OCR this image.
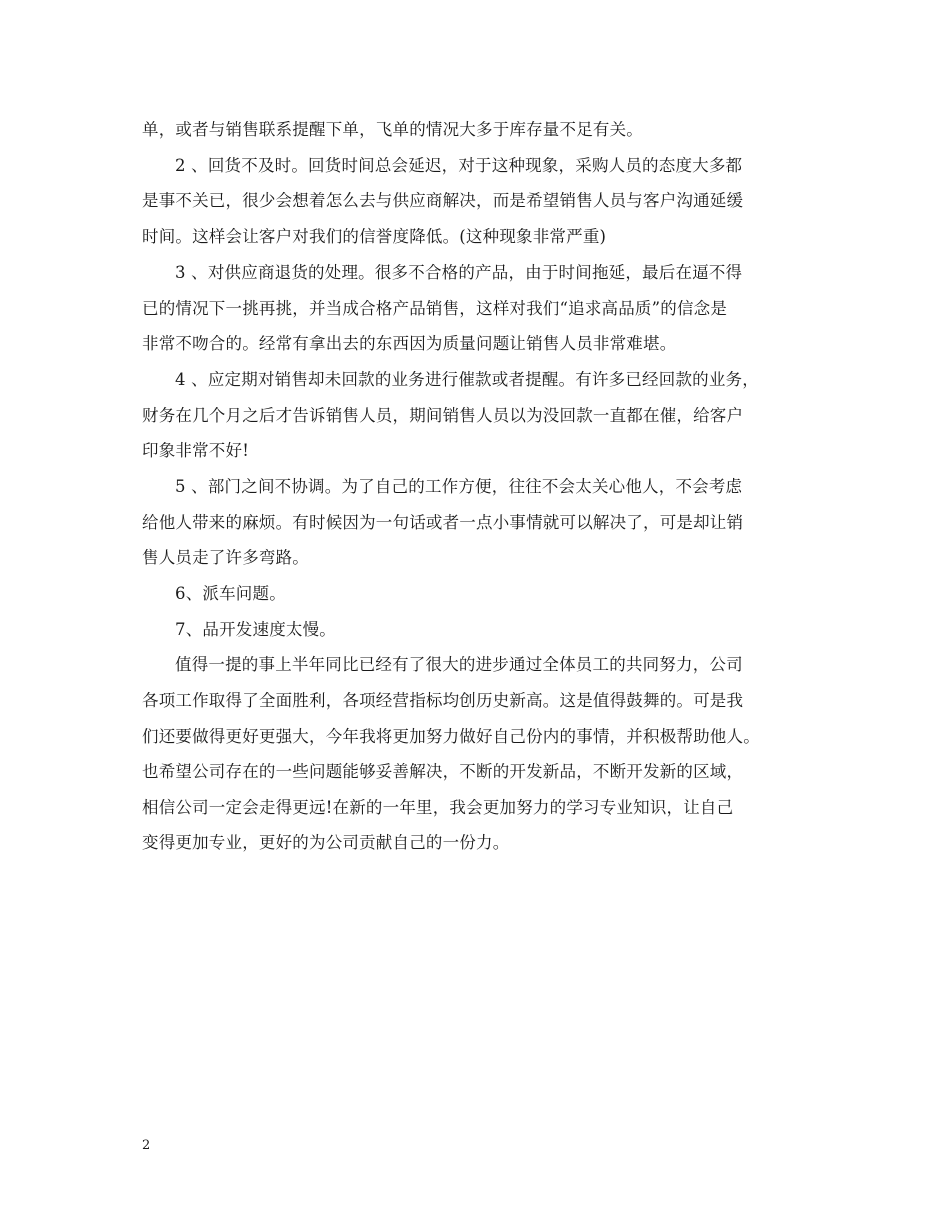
单，或者与销售联系提醒下单，飞单的情况大多于库存量不足有关。
2 、回货不及时。回货时间总会延迟，对于这种现象，采购人员的态度大多都
是事不关已，很少会想着怎么去与供应商解决，而是希望销售人员与客户沟通延缓
时间。这样会让客户对我们的信誉度降低。(这种现象非常严重)
3 、对供应商退货的处理。很多不合格的产品，由于时间拖延，最后在逼不得
已的情况下一挑再挑，并当成合格产品销售，这样对我们“追求高品质”的信念是
非常不吻合的。经常有拿出去的东西因为质量问题让销售人员非常难堪。
4 、应定期对销售却未回款的业务进行催款或者提醒。有许多已经回款的业务，
财务在几个月之后才告诉销售人员，期间销售人员以为没回款一直都在催，给客户
印象非常不好!
5 、部门之间不协调。为了自己的工作方便，往往不会太关心他人，不会考虑
给他人带来的麻烦。有时候因为一句话或者一点小事情就可以解决了，可是却让销
售人员走了许多弯路。
6、派车问题。
7、品开发速度太慢。
值得一提的事上半年同比已经有了很大的进步通过全体员工的共同努力，公司
各项工作取得了全面胜利，各项经营指标均创历史新高。这是值得鼓舞的。可是我
们还要做得更好更强大，今年我将更加努力做好自己份内的事情，并积极帮助他人。
也希望公司存在的一些问题能够妥善解决，不断的开发新品，不断开发新的区域，
相信公司一定会走得更远!在新的一年里，我会更加努力的学习专业知识，让自己
变得更加专业，更好的为公司贡献自己的一份力。
2
